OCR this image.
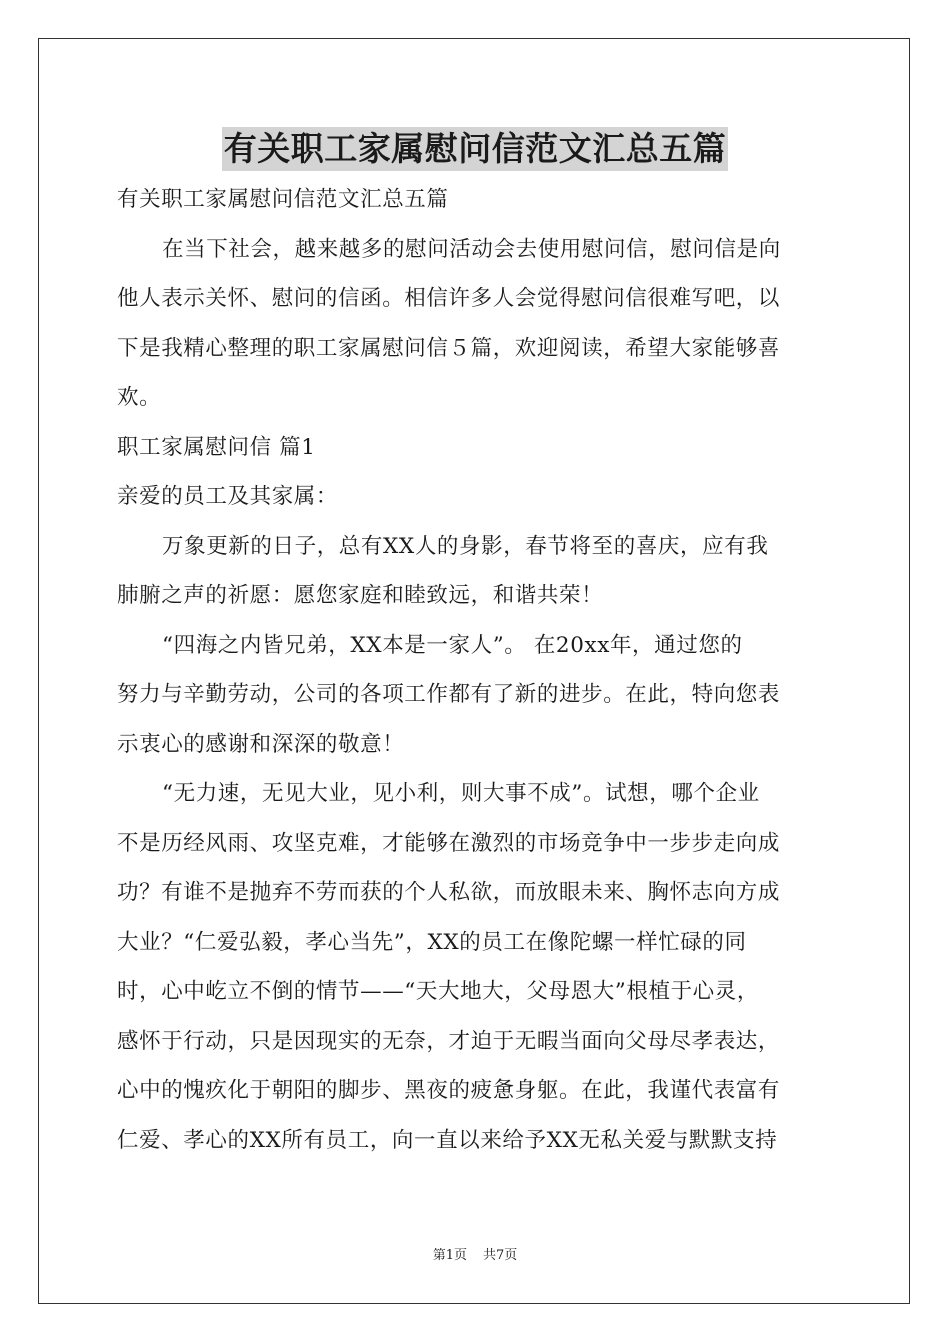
有关职工家属慰问信范文汇总五篇
有关职工家属慰问信范文汇总五篇
在当下社会，越来越多的慰问活动会去使用慰问信，慰问信是向
他人表示关怀、慰问的信函。相信许多人会觉得慰问信很难写吧，以
下是我精心整理的职工家属慰问信５篇，欢迎阅读，希望大家能够喜
欢。
职工家属慰问信 篇1
亲爱的员工及其家属：
万象更新的日子，总有XX人的身影，春节将至的喜庆，应有我
肺腑之声的祈愿：愿您家庭和睦致远，和谐共荣！
“四海之内皆兄弟，XX本是一家人”。 在20xx年，通过您的
努力与辛勤劳动，公司的各项工作都有了新的进步。在此，特向您表
示衷心的感谢和深深的敬意！
“无力速，无见大业，见小利，则大事不成”。试想，哪个企业
不是历经风雨、攻坚克难，才能够在激烈的市场竞争中一步步走向成
功？有谁不是抛弃不劳而获的个人私欲，而放眼未来、胸怀志向方成
大业？“仁爱弘毅，孝心当先”，XX的员工在像陀螺一样忙碌的同
时，心中屹立不倒的情节——“天大地大，父母恩大”根植于心灵，
感怀于行动，只是因现实的无奈，才迫于无暇当面向父母尽孝表达，
心中的愧疚化于朝阳的脚步、黑夜的疲惫身躯。在此，我谨代表富有
仁爱、孝心的XX所有员工，向一直以来给予XX无私关爱与默默支持
第1页 共7页
